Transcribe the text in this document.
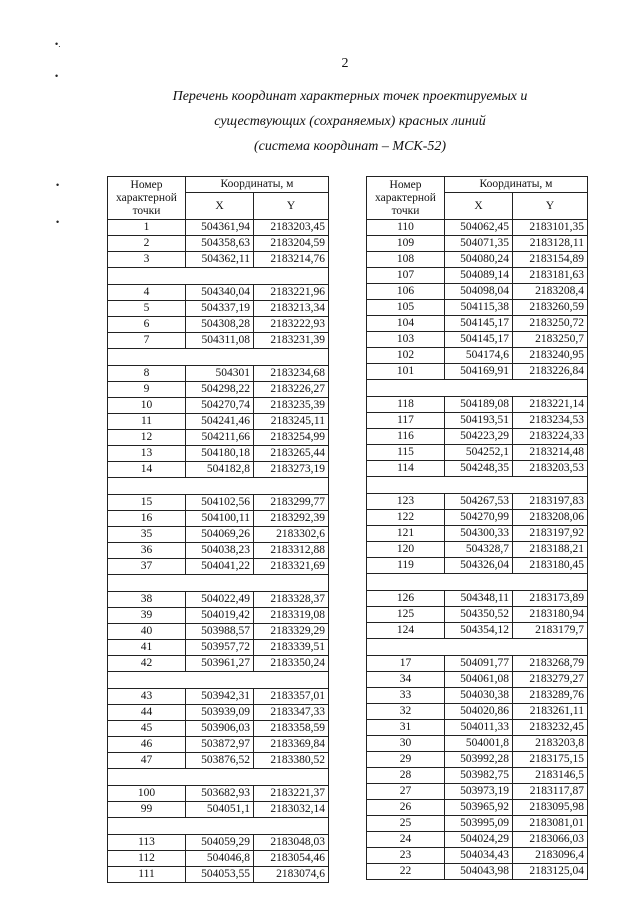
•.
•
•
•
2
Перечень координат характерных точек проектируемых и
существующих (сохраняемых) красных линий
(система координат – МСК-52)
Номер характерной точки	Координаты, м	
	X	Y
1	504361,94	2183203,45
2	504358,63	2183204,59
3	504362,11	2183214,76

4	504340,04	2183221,96
5	504337,19	2183213,34
6	504308,28	2183222,93
7	504311,08	2183231,39

8	504301	2183234,68
9	504298,22	2183226,27
10	504270,74	2183235,39
11	504241,46	2183245,11
12	504211,66	2183254,99
13	504180,18	2183265,44
14	504182,8	2183273,19

15	504102,56	2183299,77
16	504100,11	2183292,39
35	504069,26	2183302,6
36	504038,23	2183312,88
37	504041,22	2183321,69

38	504022,49	2183328,37
39	504019,42	2183319,08
40	503988,57	2183329,29
41	503957,72	2183339,51
42	503961,27	2183350,24

43	503942,31	2183357,01
44	503939,09	2183347,33
45	503906,03	2183358,59
46	503872,97	2183369,84
47	503876,52	2183380,52

100	503682,93	2183221,37
99	504051,1	2183032,14

113	504059,29	2183048,03
112	504046,8	2183054,46
111	504053,55	2183074,6
Номер характерной точки	Координаты, м	
	X	Y
110	504062,45	2183101,35
109	504071,35	2183128,11
108	504080,24	2183154,89
107	504089,14	2183181,63
106	504098,04	2183208,4
105	504115,38	2183260,59
104	504145,17	2183250,72
103	504145,17	2183250,7
102	504174,6	2183240,95
101	504169,91	2183226,84

118	504189,08	2183221,14
117	504193,51	2183234,53
116	504223,29	2183224,33
115	504252,1	2183214,48
114	504248,35	2183203,53

123	504267,53	2183197,83
122	504270,99	2183208,06
121	504300,33	2183197,92
120	504328,7	2183188,21
119	504326,04	2183180,45

126	504348,11	2183173,89
125	504350,52	2183180,94
124	504354,12	2183179,7

17	504091,77	2183268,79
34	504061,08	2183279,27
33	504030,38	2183289,76
32	504020,86	2183261,11
31	504011,33	2183232,45
30	504001,8	2183203,8
29	503992,28	2183175,15
28	503982,75	2183146,5
27	503973,19	2183117,87
26	503965,92	2183095,98
25	503995,09	2183081,01
24	504024,29	2183066,03
23	504034,43	2183096,4
22	504043,98	2183125,04
